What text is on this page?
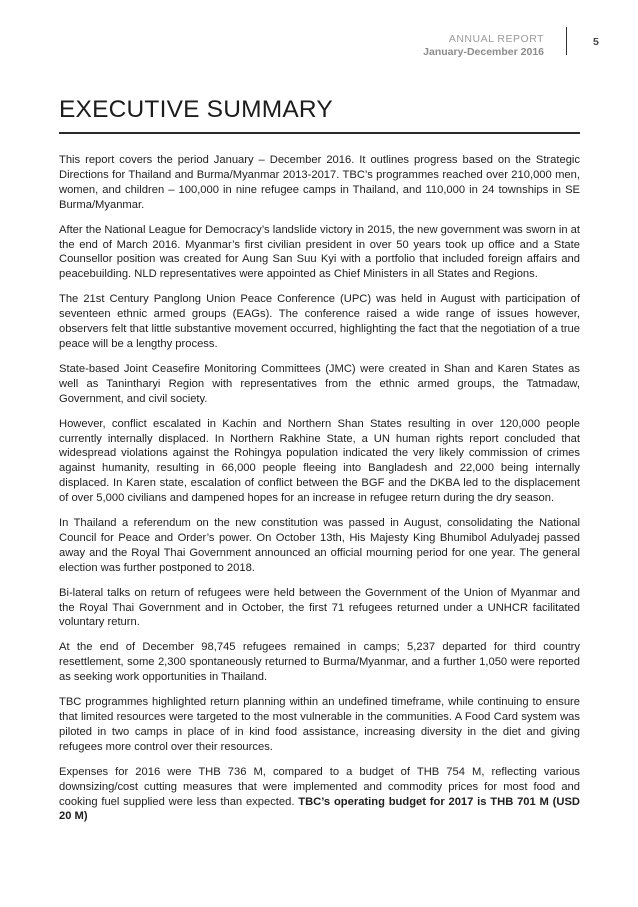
ANNUAL REPORT
January-December 2016
5
EXECUTIVE SUMMARY

This report covers the period January – December 2016. It outlines progress based on the Strategic Directions for Thailand and Burma/Myanmar 2013-2017. TBC’s programmes reached over 210,000 men, women, and children – 100,000 in nine refugee camps in Thailand, and 110,000 in 24 townships in SE Burma/Myanmar.

After the National League for Democracy’s landslide victory in 2015, the new government was sworn in at the end of March 2016. Myanmar’s first civilian president in over 50 years took up office and a State Counsellor position was created for Aung San Suu Kyi with a portfolio that included foreign affairs and peacebuilding. NLD representatives were appointed as Chief Ministers in all States and Regions.

The 21st Century Panglong Union Peace Conference (UPC) was held in August with participation of seventeen ethnic armed groups (EAGs). The conference raised a wide range of issues however, observers felt that little substantive movement occurred, highlighting the fact that the negotiation of a true peace will be a lengthy process.

State-based Joint Ceasefire Monitoring Committees (JMC) were created in Shan and Karen States as well as Tanintharyi Region with representatives from the ethnic armed groups, the Tatmadaw, Government, and civil society.

However, conflict escalated in Kachin and Northern Shan States resulting in over 120,000 people currently internally displaced. In Northern Rakhine State, a UN human rights report concluded that widespread violations against the Rohingya population indicated the very likely commission of crimes against humanity, resulting in 66,000 people fleeing into Bangladesh and 22,000 being internally displaced. In Karen state, escalation of conflict between the BGF and the DKBA led to the displacement of over 5,000 civilians and dampened hopes for an increase in refugee return during the dry season.

In Thailand a referendum on the new constitution was passed in August, consolidating the National Council for Peace and Order’s power. On October 13th, His Majesty King Bhumibol Adulyadej passed away and the Royal Thai Government announced an official mourning period for one year. The general election was further postponed to 2018.

Bi-lateral talks on return of refugees were held between the Government of the Union of Myanmar and the Royal Thai Government and in October, the first 71 refugees returned under a UNHCR facilitated voluntary return.

At the end of December 98,745 refugees remained in camps; 5,237 departed for third country resettlement, some 2,300 spontaneously returned to Burma/Myanmar, and a further 1,050 were reported as seeking work opportunities in Thailand.

TBC programmes highlighted return planning within an undefined timeframe, while continuing to ensure that limited resources were targeted to the most vulnerable in the communities. A Food Card system was piloted in two camps in place of in kind food assistance, increasing diversity in the diet and giving refugees more control over their resources.

Expenses for 2016 were THB 736 M, compared to a budget of THB 754 M, reflecting various downsizing/cost cutting measures that were implemented and commodity prices for most food and cooking fuel supplied were less than expected. TBC’s operating budget for 2017 is THB 701 M (USD 20 M)
